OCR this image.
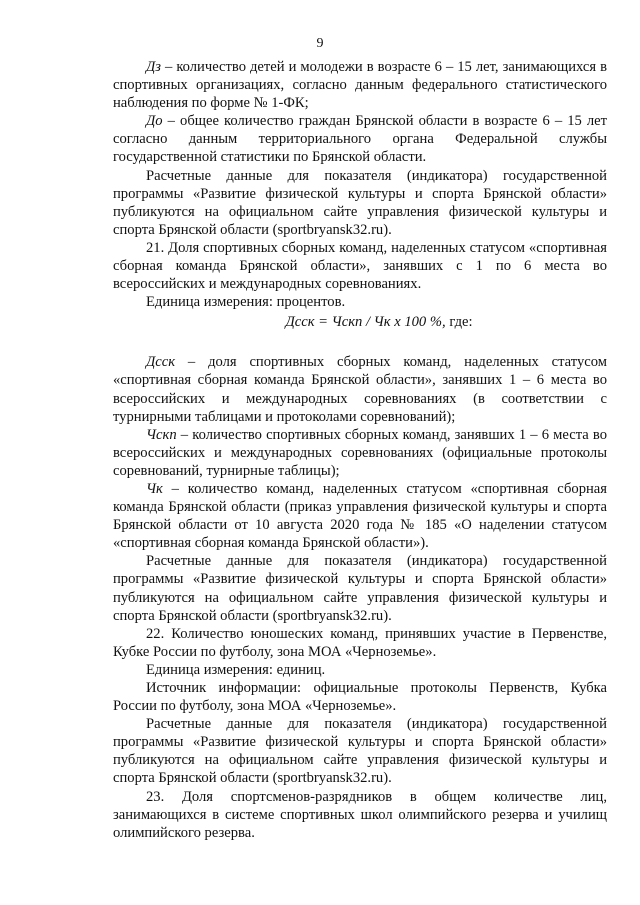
9

Дз – количество детей и молодежи в возрасте 6 – 15 лет, занимающихся в спортивных организациях, согласно данным федерального статистического наблюдения по форме № 1-ФК;

До – общее количество граждан Брянской области в возрасте 6 – 15 лет согласно данным территориального органа Федеральной службы государственной статистики по Брянской области.

Расчетные данные для показателя (индикатора) государственной программы «Развитие физической культуры и спорта Брянской области» публикуются на официальном сайте управления физической культуры и спорта Брянской области (sportbryansk32.ru).

21. Доля спортивных сборных команд, наделенных статусом «спортивная сборная команда Брянской области», занявших с 1 по 6 места во всероссийских и международных соревнованиях.

Единица измерения: процентов.

Дсск = Чскп / Чк х 100 %, где:

Дсск – доля спортивных сборных команд, наделенных статусом «спортивная сборная команда Брянской области», занявших 1 – 6 места во всероссийских и международных соревнованиях (в соответствии с турнирными таблицами и протоколами соревнований);

Чскп – количество спортивных сборных команд, занявших 1 – 6 места во всероссийских и международных соревнованиях (официальные протоколы соревнований, турнирные таблицы);

Чк – количество команд, наделенных статусом «спортивная сборная команда Брянской области (приказ управления физической культуры и спорта Брянской области от 10 августа 2020 года № 185 «О наделении статусом «спортивная сборная команда Брянской области»).

Расчетные данные для показателя (индикатора) государственной программы «Развитие физической культуры и спорта Брянской области» публикуются на официальном сайте управления физической культуры и спорта Брянской области (sportbryansk32.ru).

22. Количество юношеских команд, принявших участие в Первенстве, Кубке России по футболу, зона МОА «Черноземье».

Единица измерения: единиц.

Источник информации: официальные протоколы Первенств, Кубка России по футболу, зона МОА «Черноземье».

Расчетные данные для показателя (индикатора) государственной программы «Развитие физической культуры и спорта Брянской области» публикуются на официальном сайте управления физической культуры и спорта Брянской области (sportbryansk32.ru).

23. Доля спортсменов-разрядников в общем количестве лиц, занимающихся в системе спортивных школ олимпийского резерва и училищ олимпийского резерва.
